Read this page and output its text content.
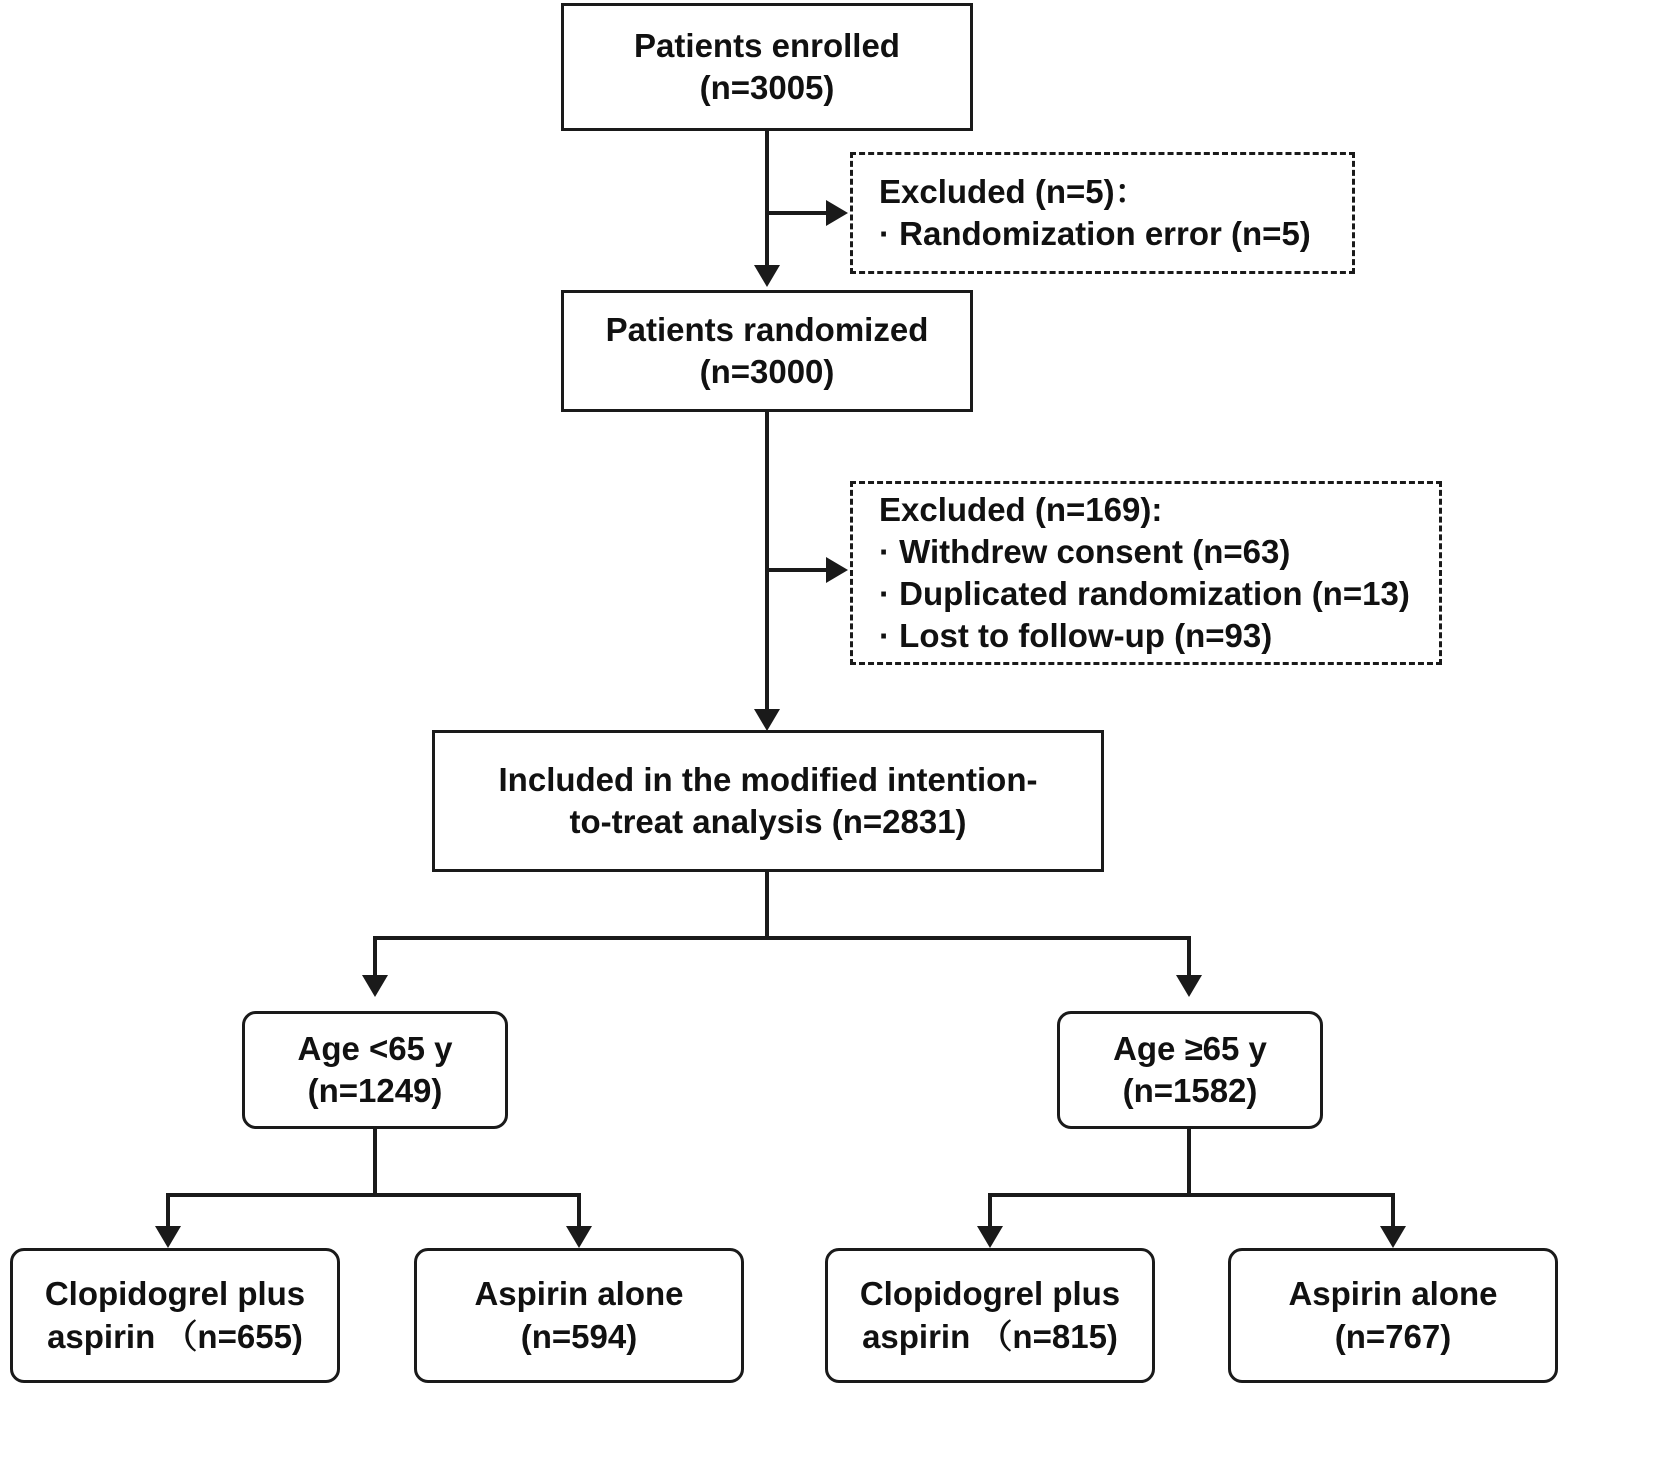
Patients enrolled
(n=3005)
Excluded (n=5)：
· Randomization error (n=5)
Patients randomized
(n=3000)
Excluded (n=169):
· Withdrew consent (n=63)
· Duplicated randomization (n=13)
· Lost to follow-up (n=93)
Included in the modified intention-
to-treat analysis (n=2831)
Age <65 y
(n=1249)
Age ≥65 y
(n=1582)
Clopidogrel plus
aspirin （n=655)
Aspirin alone
(n=594)
Clopidogrel plus
aspirin （n=815)
Aspirin alone
(n=767)
